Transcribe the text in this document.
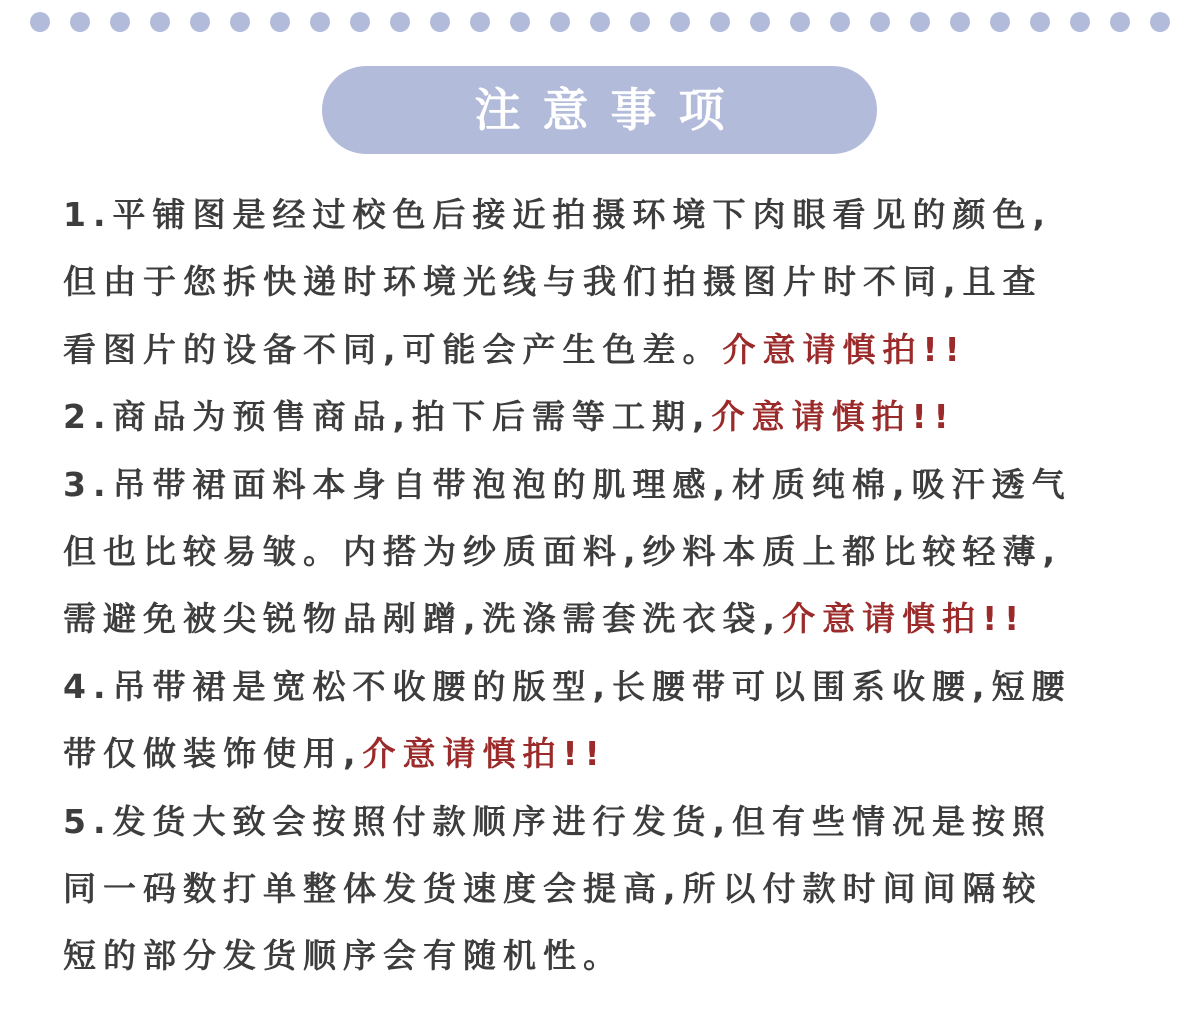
注意事项
1.平铺图是经过校色后接近拍摄环境下肉眼看见的颜色,
但由于您拆快递时环境光线与我们拍摄图片时不同,且查
看图片的设备不同,可能会产生色差。介意请慎拍!!
2.商品为预售商品,拍下后需等工期,介意请慎拍!!
3.吊带裙面料本身自带泡泡的肌理感,材质纯棉,吸汗透气
但也比较易皱。内搭为纱质面料,纱料本质上都比较轻薄,
需避免被尖锐物品剐蹭,洗涤需套洗衣袋,介意请慎拍!!
4.吊带裙是宽松不收腰的版型,长腰带可以围系收腰,短腰
带仅做装饰使用,介意请慎拍!!
5.发货大致会按照付款顺序进行发货,但有些情况是按照
同一码数打单整体发货速度会提高,所以付款时间间隔较
短的部分发货顺序会有随机性。
